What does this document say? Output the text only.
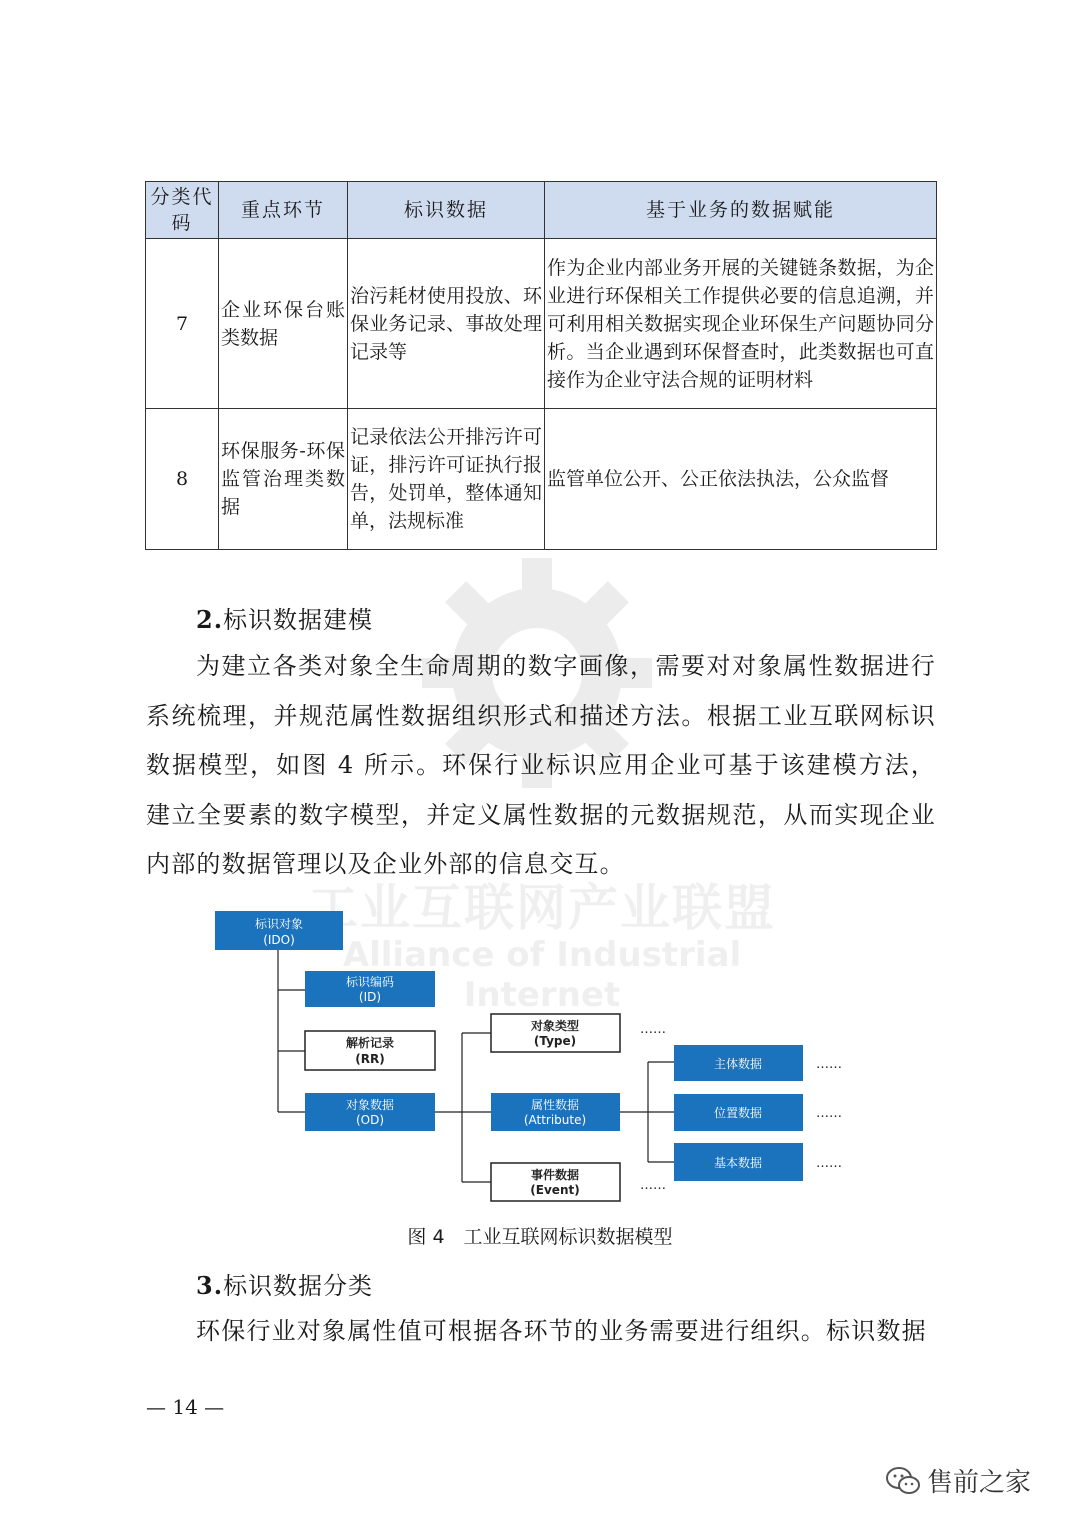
工业互联网产业联盟
Alliance of Industrial Internet
分类代码	重点环节	标识数据	基于业务的数据赋能
7	企业环保台账类数据	治污耗材使用投放、环保业务记录、事故处理记录等	作为企业内部业务开展的关键链条数据，为企业进行环保相关工作提供必要的信息追溯，并可利用相关数据实现企业环保生产问题协同分析。当企业遇到环保督查时，此类数据也可直接作为企业守法合规的证明材料
8	环保服务-环保监管治理类数据	记录依法公开排污许可证，排污许可证执行报告，处罚单，整体通知单，法规标准	监管单位公开、公正依法执法，公众监督
2.标识数据建模
为建立各类对象全生命周期的数字画像，需要对对象属性数据进行系统梳理，并规范属性数据组织形式和描述方法。根据工业互联网标识数据模型，如图 4 所示。环保行业标识应用企业可基于该建模方法，建立全要素的数字模型，并定义属性数据的元数据规范，从而实现企业内部的数据管理以及企业外部的信息交互。
标识对象
(IDO)
标识编码
(ID)
解析记录
(RR)
对象数据
(OD)
对象类型
(Type)
……
属性数据
(Attribute)
事件数据
(Event)	……
主体数据	……
位置数据	……
基本数据	……
图 4　工业互联网标识数据模型
3.标识数据分类
环保行业对象属性值可根据各环节的业务需要进行组织。标识数据
— 14 —
售前之家
